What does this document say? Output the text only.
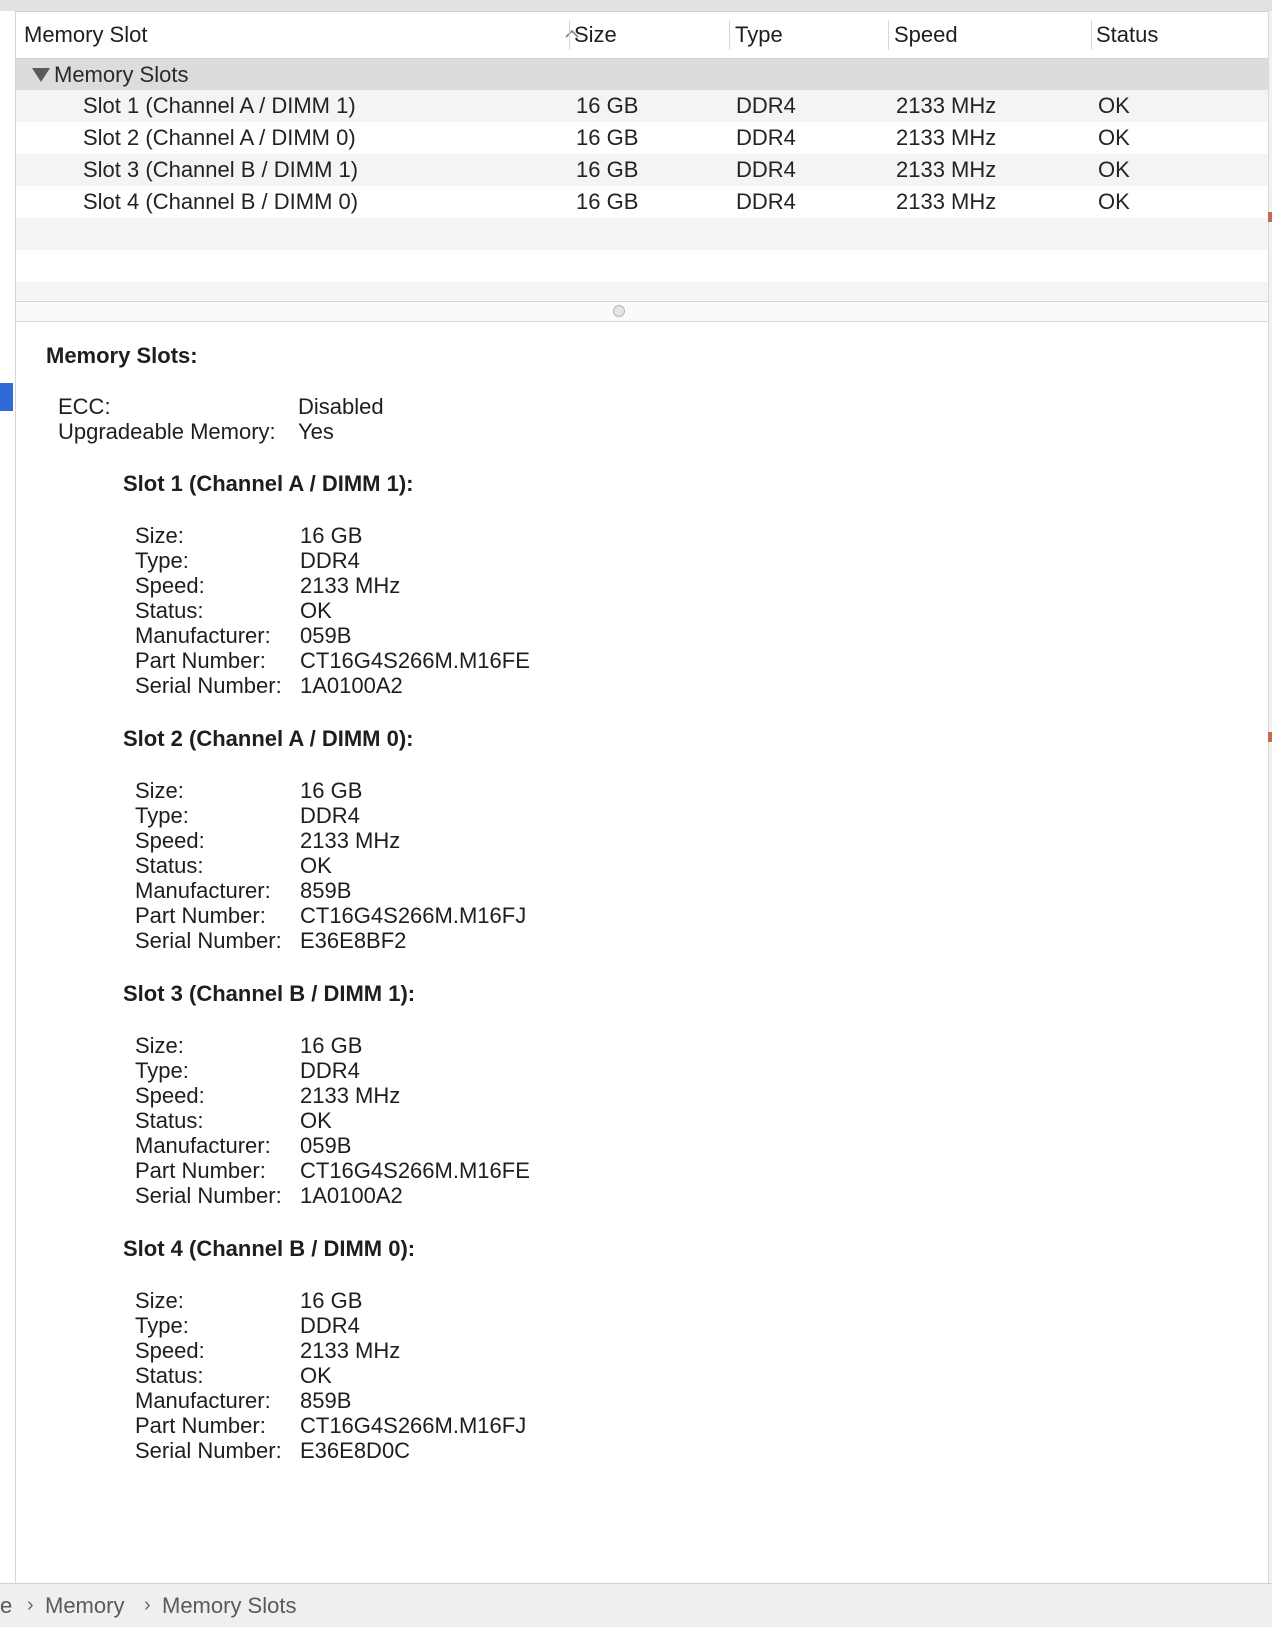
Memory Slot	Size	Type	Speed	Status
Memory Slots
Slot 1 (Channel A / DIMM 1)	16 GB	DDR4	2133 MHz	OK
Slot 2 (Channel A / DIMM 0)	16 GB	DDR4	2133 MHz	OK
Slot 3 (Channel B / DIMM 1)	16 GB	DDR4	2133 MHz	OK
Slot 4 (Channel B / DIMM 0)	16 GB	DDR4	2133 MHz	OK
Memory Slots:
ECC:	Disabled
Upgradeable Memory: Yes
Slot 1 (Channel A / DIMM 1):
Size:	16 GB
Type:	DDR4
Speed:	2133 MHz
Status:	OK
Manufacturer: 059B
Part Number: CT16G4S266M.M16FE
Serial Number: 1A0100A2
Slot 2 (Channel A / DIMM 0):
Size:	16 GB
Type:	DDR4
Speed:	2133 MHz
Status:	OK
Manufacturer: 859B
Part Number: CT16G4S266M.M16FJ
Serial Number: E36E8BF2
Slot 3 (Channel B / DIMM 1):
Size:	16 GB
Type:	DDR4
Speed:	2133 MHz
Status:	OK
Manufacturer: 059B
Part Number: CT16G4S266M.M16FE
Serial Number: 1A0100A2
Slot 4 (Channel B / DIMM 0):
Size:	16 GB
Type:	DDR4
Speed:	2133 MHz
Status:	OK
Manufacturer: 859B
Part Number: CT16G4S266M.M16FJ
Serial Number: E36E8D0C
e › Memory › Memory Slots
